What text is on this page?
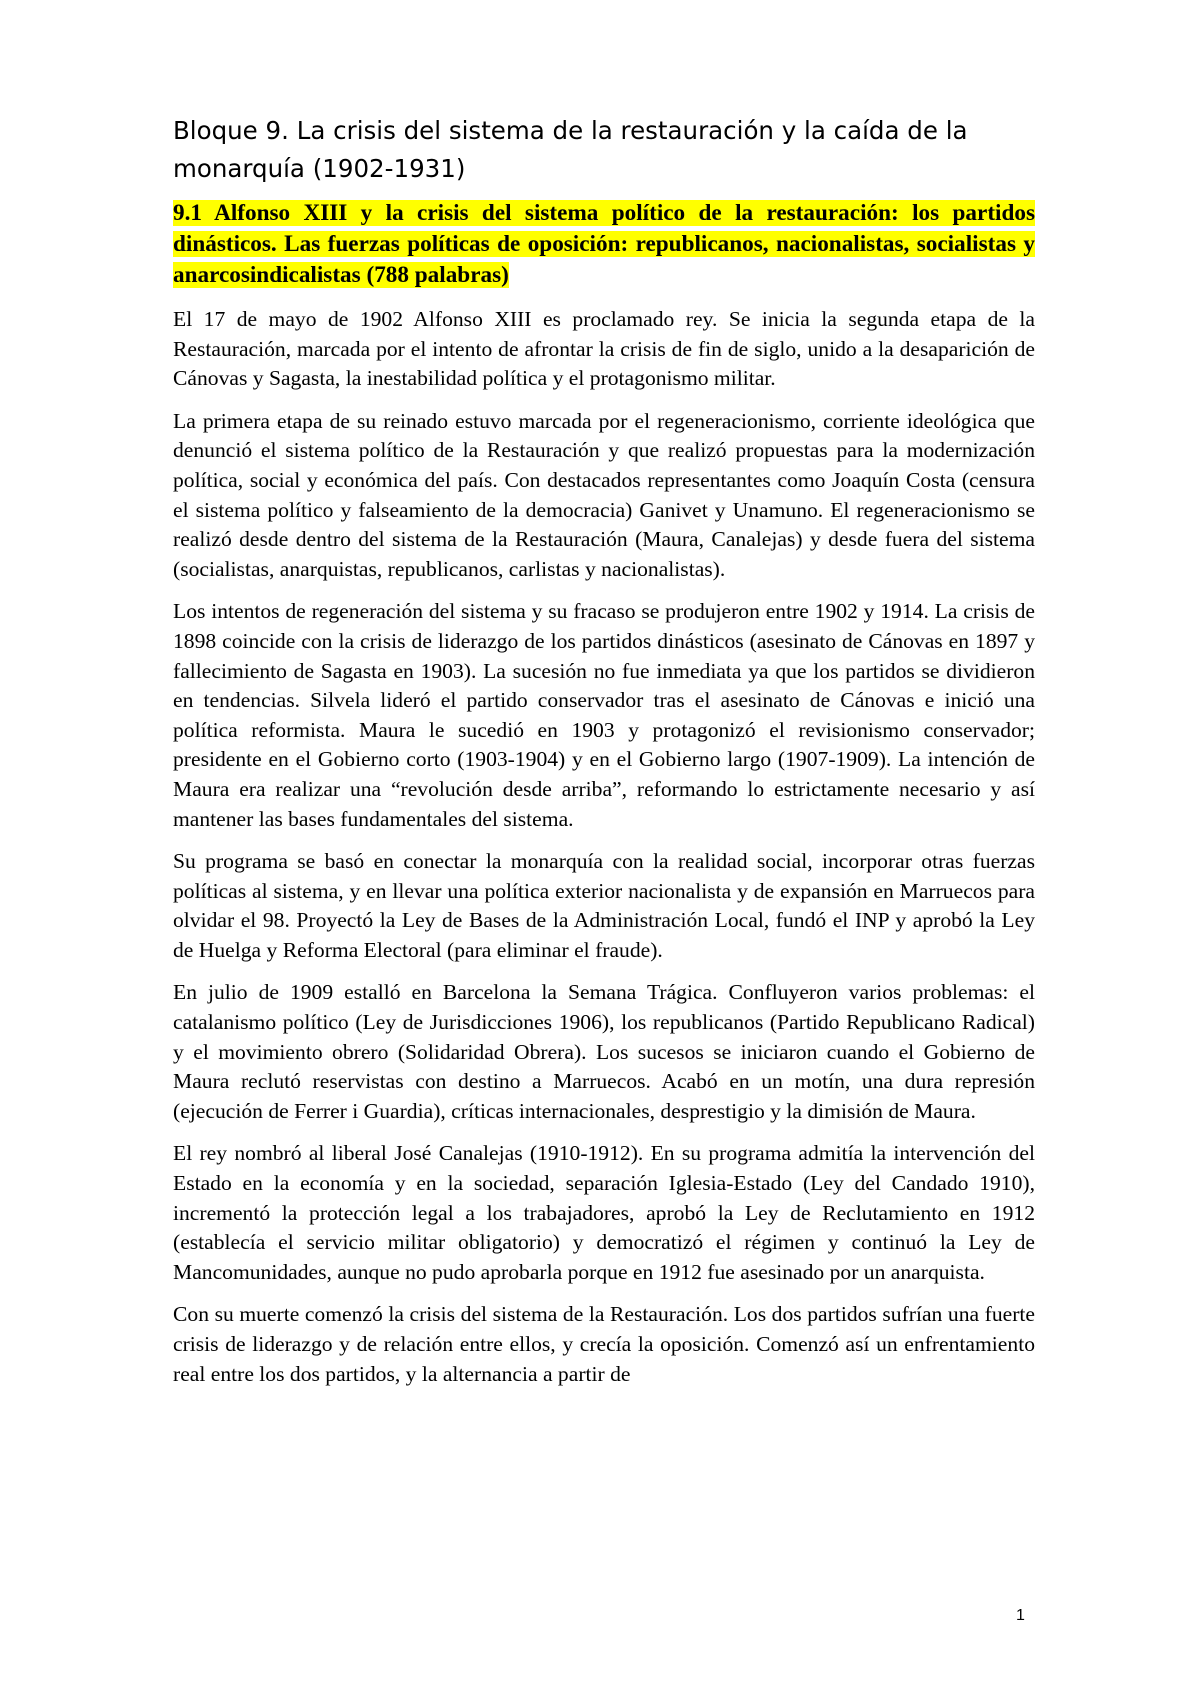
Bloque 9. La crisis del sistema de la restauración y la caída de la monarquía (1902-1931)
9.1 Alfonso XIII y la crisis del sistema político de la restauración: los partidos dinásticos. Las fuerzas políticas de oposición: republicanos, nacionalistas, socialistas y anarcosindicalistas (788 palabras)

El 17 de mayo de 1902 Alfonso XIII es proclamado rey. Se inicia la segunda etapa de la Restauración, marcada por el intento de afrontar la crisis de fin de siglo, unido a la desaparición de Cánovas y Sagasta, la inestabilidad política y el protagonismo militar.

La primera etapa de su reinado estuvo marcada por el regeneracionismo, corriente ideológica que denunció el sistema político de la Restauración y que realizó propuestas para la modernización política, social y económica del país. Con destacados representantes como Joaquín Costa (censura el sistema político y falseamiento de la democracia) Ganivet y Unamuno. El regeneracionismo se realizó desde dentro del sistema de la Restauración (Maura, Canalejas) y desde fuera del sistema (socialistas, anarquistas, republicanos, carlistas y nacionalistas).

Los intentos de regeneración del sistema y su fracaso se produjeron entre 1902 y 1914. La crisis de 1898 coincide con la crisis de liderazgo de los partidos dinásticos (asesinato de Cánovas en 1897 y fallecimiento de Sagasta en 1903). La sucesión no fue inmediata ya que los partidos se dividieron en tendencias. Silvela lideró el partido conservador tras el asesinato de Cánovas e inició una política reformista. Maura le sucedió en 1903 y protagonizó el revisionismo conservador; presidente en el Gobierno corto (1903-1904) y en el Gobierno largo (1907-1909). La intención de Maura era realizar una “revolución desde arriba”, reformando lo estrictamente necesario y así mantener las bases fundamentales del sistema.

Su programa se basó en conectar la monarquía con la realidad social, incorporar otras fuerzas políticas al sistema, y en llevar una política exterior nacionalista y de expansión en Marruecos para olvidar el 98. Proyectó la Ley de Bases de la Administración Local, fundó el INP y aprobó la Ley de Huelga y Reforma Electoral (para eliminar el fraude).

En julio de 1909 estalló en Barcelona la Semana Trágica. Confluyeron varios problemas: el catalanismo político (Ley de Jurisdicciones 1906), los republicanos (Partido Republicano Radical) y el movimiento obrero (Solidaridad Obrera). Los sucesos se iniciaron cuando el Gobierno de Maura reclutó reservistas con destino a Marruecos. Acabó en un motín, una dura represión (ejecución de Ferrer i Guardia), críticas internacionales, desprestigio y la dimisión de Maura.

El rey nombró al liberal José Canalejas (1910-1912). En su programa admitía la intervención del Estado en la economía y en la sociedad, separación Iglesia-Estado (Ley del Candado 1910), incrementó la protección legal a los trabajadores, aprobó la Ley de Reclutamiento en 1912 (establecía el servicio militar obligatorio) y democratizó el régimen y continuó la Ley de Mancomunidades, aunque no pudo aprobarla porque en 1912 fue asesinado por un anarquista.

Con su muerte comenzó la crisis del sistema de la Restauración. Los dos partidos sufrían una fuerte crisis de liderazgo y de relación entre ellos, y crecía la oposición. Comenzó así un enfrentamiento real entre los dos partidos, y la alternancia a partir de

1
